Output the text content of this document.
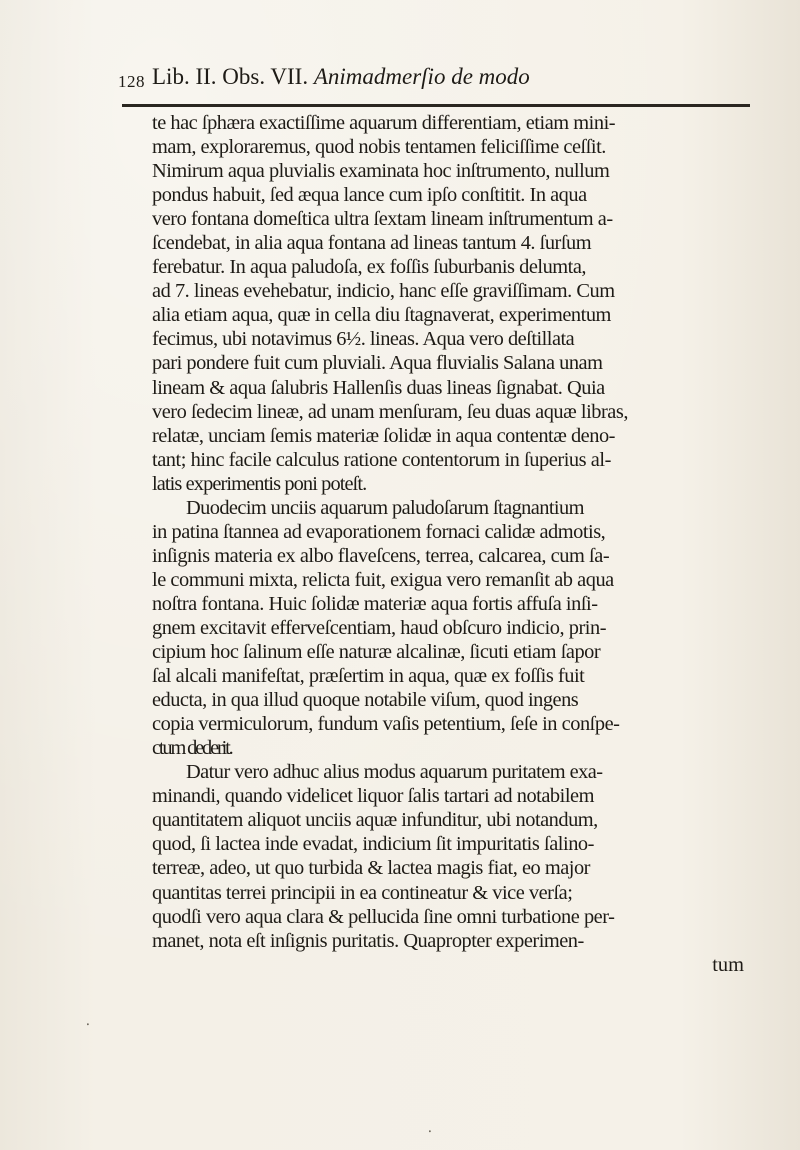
128 Lib. II. Obs. VII. Animadmerſio de modo
te hac ſphæra exactiſſime aquarum differentiam, etiam mini-
mam, exploraremus, quod nobis tentamen feliciſſime ceſſit.
Nimirum aqua pluvialis examinata hoc inſtrumento, nullum
pondus habuit, ſed æqua lance cum ipſo conſtitit. In aqua
vero fontana domeſtica ultra ſextam lineam inſtrumentum a-
ſcendebat, in alia aqua fontana ad lineas tantum 4. ſurſum
ferebatur. In aqua paludoſa, ex foſſis ſuburbanis delumta,
ad 7. lineas evehebatur, indicio, hanc eſſe graviſſimam. Cum
alia etiam aqua, quæ in cella diu ſtagnaverat, experimentum
fecimus, ubi notavimus 6½. lineas. Aqua vero deſtillata
pari pondere fuit cum pluviali. Aqua fluvialis Salana unam
lineam & aqua ſalubris Hallenſis duas lineas ſignabat. Quia
vero ſedecim lineæ, ad unam menſuram, ſeu duas aquæ libras,
relatæ, unciam ſemis materiæ ſolidæ in aqua contentæ deno-
tant; hinc facile calculus ratione contentorum in ſuperius al-
latis experimentis poni poteſt.
Duodecim unciis aquarum paludoſarum ſtagnantium
in patina ſtannea ad evaporationem fornaci calidæ admotis,
inſignis materia ex albo flaveſcens, terrea, calcarea, cum ſa-
le communi mixta, relicta fuit, exigua vero remanſit ab aqua
noſtra fontana. Huic ſolidæ materiæ aqua fortis affuſa inſi-
gnem excitavit efferveſcentiam, haud obſcuro indicio, prin-
cipium hoc ſalinum eſſe naturæ alcalinæ, ſicuti etiam ſapor
ſal alcali manifeſtat, præſertim in aqua, quæ ex foſſis fuit
educta, in qua illud quoque notabile viſum, quod ingens
copia vermiculorum, fundum vaſis petentium, ſeſe in conſpe-
ctum dederit.
Datur vero adhuc alius modus aquarum puritatem exa-
minandi, quando videlicet liquor ſalis tartari ad notabilem
quantitatem aliquot unciis aquæ infunditur, ubi notandum,
quod, ſi lactea inde evadat, indicium ſit impuritatis ſalino-
terreæ, adeo, ut quo turbida & lactea magis fiat, eo major
quantitas terrei principii in ea contineatur & vice verſa;
quodſi vero aqua clara & pellucida ſine omni turbatione per-
manet, nota eſt inſignis puritatis. Quapropter experimen-
tum
⸱
⸱
